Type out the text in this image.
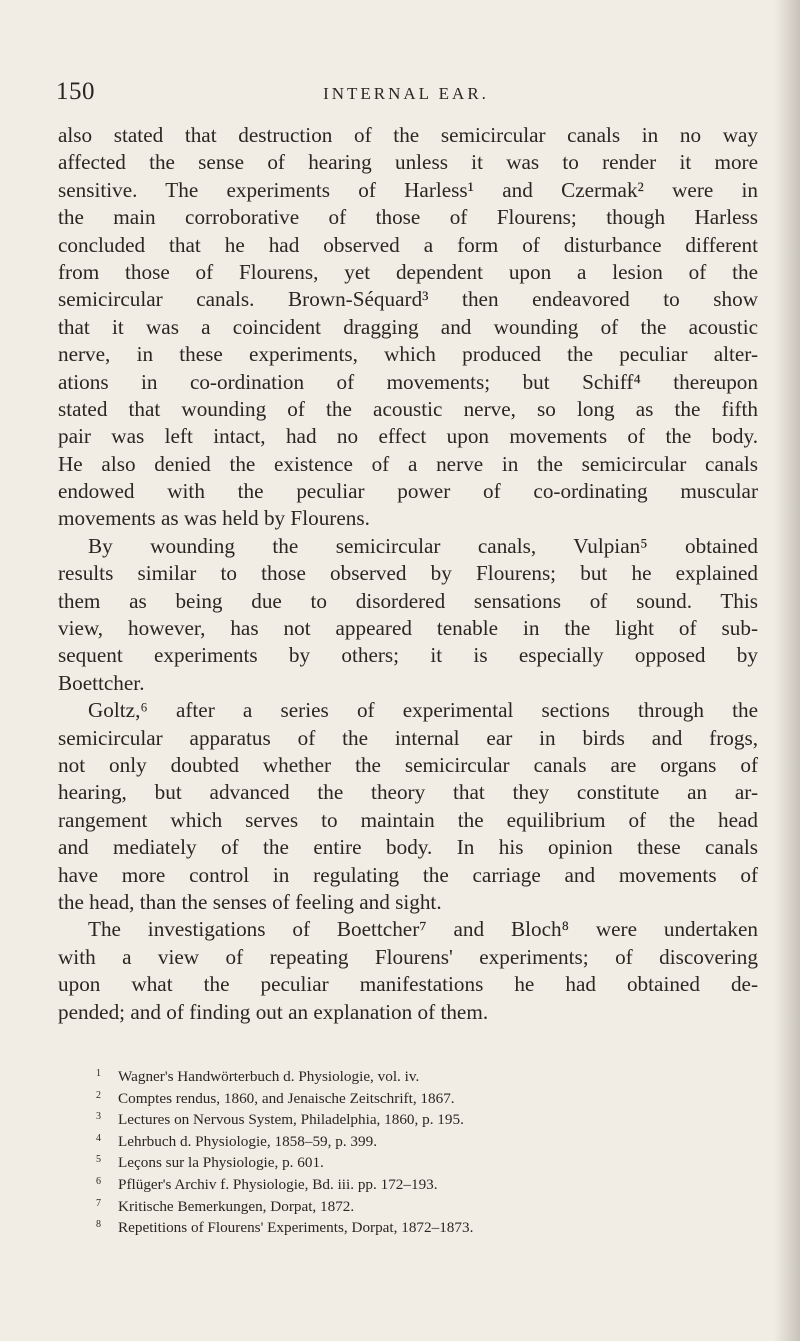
150	INTERNAL EAR.
also stated that destruction of the semicircular canals in no way
affected the sense of hearing unless it was to render it more
sensitive. The experiments of Harless¹ and Czermak² were in
the main corroborative of those of Flourens; though Harless
concluded that he had observed a form of disturbance different
from those of Flourens, yet dependent upon a lesion of the
semicircular canals. Brown-Séquard³ then endeavored to show
that it was a coincident dragging and wounding of the acoustic
nerve, in these experiments, which produced the peculiar alter-
ations in co-ordination of movements; but Schiff⁴ thereupon
stated that wounding of the acoustic nerve, so long as the fifth
pair was left intact, had no effect upon movements of the body.
He also denied the existence of a nerve in the semicircular canals
endowed with the peculiar power of co-ordinating muscular
movements as was held by Flourens.
By wounding the semicircular canals, Vulpian⁵ obtained
results similar to those observed by Flourens; but he explained
them as being due to disordered sensations of sound. This
view, however, has not appeared tenable in the light of sub-
sequent experiments by others; it is especially opposed by
Boettcher.
Goltz,⁶ after a series of experimental sections through the
semicircular apparatus of the internal ear in birds and frogs,
not only doubted whether the semicircular canals are organs of
hearing, but advanced the theory that they constitute an ar-
rangement which serves to maintain the equilibrium of the head
and mediately of the entire body. In his opinion these canals
have more control in regulating the carriage and movements of
the head, than the senses of feeling and sight.
The investigations of Boettcher⁷ and Bloch⁸ were undertaken
with a view of repeating Flourens' experiments; of discovering
upon what the peculiar manifestations he had obtained de-
pended; and of finding out an explanation of them.
1 Wagner's Handwörterbuch d. Physiologie, vol. iv.
2 Comptes rendus, 1860, and Jenaische Zeitschrift, 1867.
3 Lectures on Nervous System, Philadelphia, 1860, p. 195.
4 Lehrbuch d. Physiologie, 1858–59, p. 399.
5 Leçons sur la Physiologie, p. 601.
6 Pflüger's Archiv f. Physiologie, Bd. iii. pp. 172–193.
7 Kritische Bemerkungen, Dorpat, 1872.
8 Repetitions of Flourens' Experiments, Dorpat, 1872–1873.
